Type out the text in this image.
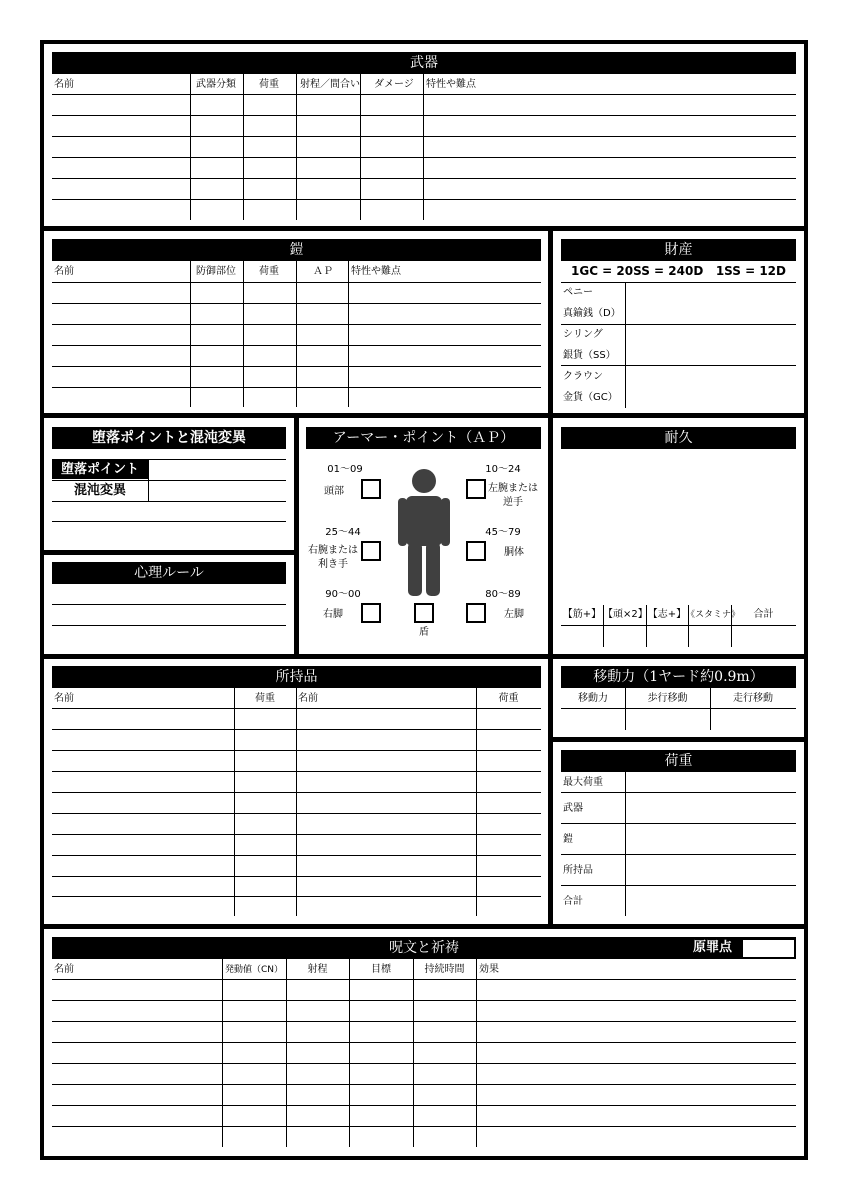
武器
名前	武器分類 荷重 射程／間合い ダメージ 特性や難点
鎧
名前	防御部位 荷重	ＡＰ 特性や難点
財産
1GC = 20SS = 240D   1SS = 12D
ペニー
真鍮銭（D）
シリング
銀貨（SS）
クラウン
金貨（GC）
堕落ポイントと混沌変異
堕落ポイント
混沌変異
心理ルール
アーマー・ポイント（ＡＰ）
01～09
頭部
10～24
左腕または
逆手
25～44
右腕または
利き手
45～79
胴体
90～00
右脚
盾
80～89
左脚
耐久
【筋+】 【頑×2】 【志+】 《スタミナ》	合計
所持品
名前	荷重	名前	荷重
移動力（1ヤード約0.9m）
移動力	歩行移動	走行移動
荷重
最大荷重
武器
鎧
所持品
合計
呪文と祈祷	原罪点
名前	発動値（CN）	射程	目標	持続時間	効果
